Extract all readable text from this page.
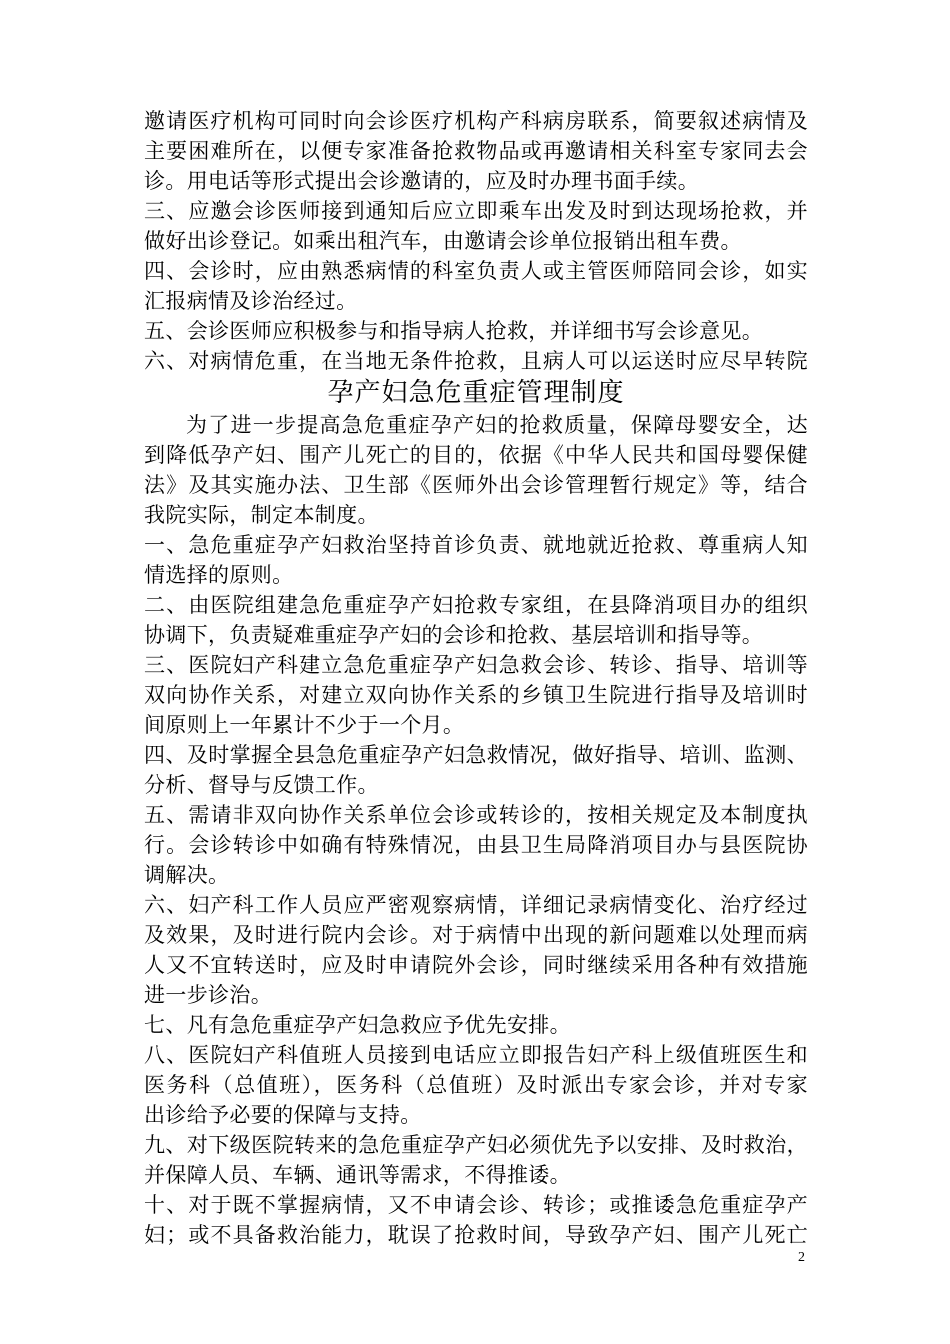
邀请医疗机构可同时向会诊医疗机构产科病房联系，简要叙述病情及
主要困难所在，以便专家准备抢救物品或再邀请相关科室专家同去会
诊。用电话等形式提出会诊邀请的，应及时办理书面手续。
三、应邀会诊医师接到通知后应立即乘车出发及时到达现场抢救，并
做好出诊登记。如乘出租汽车，由邀请会诊单位报销出租车费。
四、会诊时，应由熟悉病情的科室负责人或主管医师陪同会诊，如实
汇报病情及诊治经过。
五、会诊医师应积极参与和指导病人抢救，并详细书写会诊意见。
六、对病情危重，在当地无条件抢救，且病人可以运送时应尽早转院
孕产妇急危重症管理制度
为了进一步提高急危重症孕产妇的抢救质量，保障母婴安全，达
到降低孕产妇、围产儿死亡的目的，依据《中华人民共和国母婴保健
法》及其实施办法、卫生部《医师外出会诊管理暂行规定》等，结合
我院实际，制定本制度。
一、急危重症孕产妇救治坚持首诊负责、就地就近抢救、尊重病人知
情选择的原则。
二、由医院组建急危重症孕产妇抢救专家组，在县降消项目办的组织
协调下，负责疑难重症孕产妇的会诊和抢救、基层培训和指导等。
三、医院妇产科建立急危重症孕产妇急救会诊、转诊、指导、培训等
双向协作关系，对建立双向协作关系的乡镇卫生院进行指导及培训时
间原则上一年累计不少于一个月。
四、及时掌握全县急危重症孕产妇急救情况，做好指导、培训、监测、
分析、督导与反馈工作。
五、需请非双向协作关系单位会诊或转诊的，按相关规定及本制度执
行。会诊转诊中如确有特殊情况，由县卫生局降消项目办与县医院协
调解决。
六、妇产科工作人员应严密观察病情，详细记录病情变化、治疗经过
及效果，及时进行院内会诊。对于病情中出现的新问题难以处理而病
人又不宜转送时，应及时申请院外会诊，同时继续采用各种有效措施
进一步诊治。
七、凡有急危重症孕产妇急救应予优先安排。
八、医院妇产科值班人员接到电话应立即报告妇产科上级值班医生和
医务科（总值班），医务科（总值班）及时派出专家会诊，并对专家
出诊给予必要的保障与支持。
九、对下级医院转来的急危重症孕产妇必须优先予以安排、及时救治，
并保障人员、车辆、通讯等需求，不得推诿。
十、对于既不掌握病情，又不申请会诊、转诊；或推诿急危重症孕产
妇；或不具备救治能力，耽误了抢救时间，导致孕产妇、围产儿死亡
2
